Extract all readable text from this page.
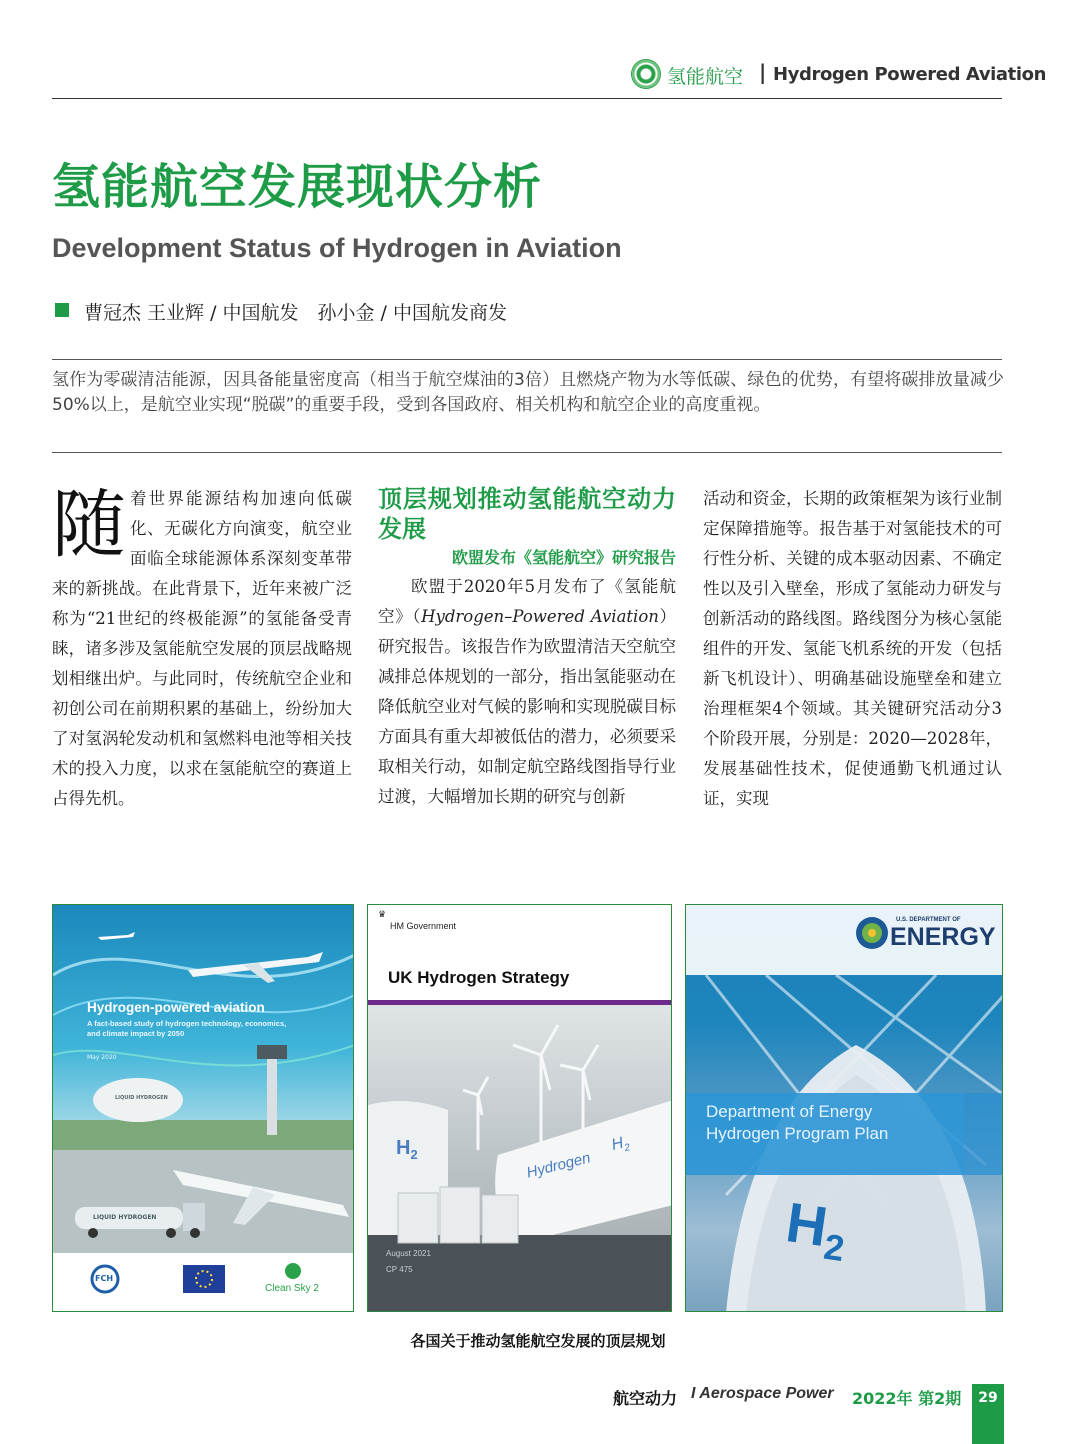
氢能航空 | Hydrogen Powered Aviation
氢能航空发展现状分析
Development Status of Hydrogen in Aviation
曹冠杰 王业辉 / 中国航发　孙小金 / 中国航发商发
氢作为零碳清洁能源，因具备能量密度高（相当于航空煤油的3倍）且燃烧产物为水等低碳、绿色的优势，有望将碳排放量减少50%以上，是航空业实现“脱碳”的重要手段，受到各国政府、相关机构和航空企业的高度重视。
随着世界能源结构加速向低碳化、无碳化方向演变，航空业面临全球能源体系深刻变革带来的新挑战。在此背景下，近年来被广泛称为“21世纪的终极能源”的氢能备受青睐，诸多涉及氢能航空发展的顶层战略规划相继出炉。与此同时，传统航空企业和初创公司在前期积累的基础上，纷纷加大了对氢涡轮发动机和氢燃料电池等相关技术的投入力度，以求在氢能航空的赛道上占得先机。
顶层规划推动氢能航空动力发展
欧盟发布《氢能航空》研究报告
欧盟于2020年5月发布了《氢能航空》（Hydrogen–Powered Aviation）研究报告。该报告作为欧盟清洁天空航空减排总体规划的一部分，指出氢能驱动在降低航空业对气候的影响和实现脱碳目标方面具有重大却被低估的潜力，必须要采取相关行动，如制定航空路线图指导行业过渡，大幅增加长期的研究与创新
活动和资金，长期的政策框架为该行业制定保障措施等。报告基于对氢能技术的可行性分析、关键的成本驱动因素、不确定性以及引入壁垒，形成了氢能动力研发与创新活动的路线图。路线图分为核心氢能组件的开发、氢能飞机系统的开发（包括新飞机设计）、明确基础设施壁垒和建立治理框架4个领域。其关键研究活动分3个阶段开展，分别是：2020—2028年，发展基础性技术，促使通勤飞机通过认证，实现
Hydrogen-powered aviation
A fact-based study of hydrogen technology, economics, and climate impact by 2050
May 2020
LIQUID HYDROGEN
LIQUID HYDROGEN
FCH
Clean Sky 2
♛
HM Government
UK Hydrogen Strategy
$H_2$	Hydrogen
$H_2$
August 2021
CP 475
U.S. DEPARTMENT OF
ENERGY
Department of Energy
Hydrogen Program Plan
$H_2$
各国关于推动氢能航空发展的顶层规划
航空动力 I Aerospace Power 2022年 第2期	29
